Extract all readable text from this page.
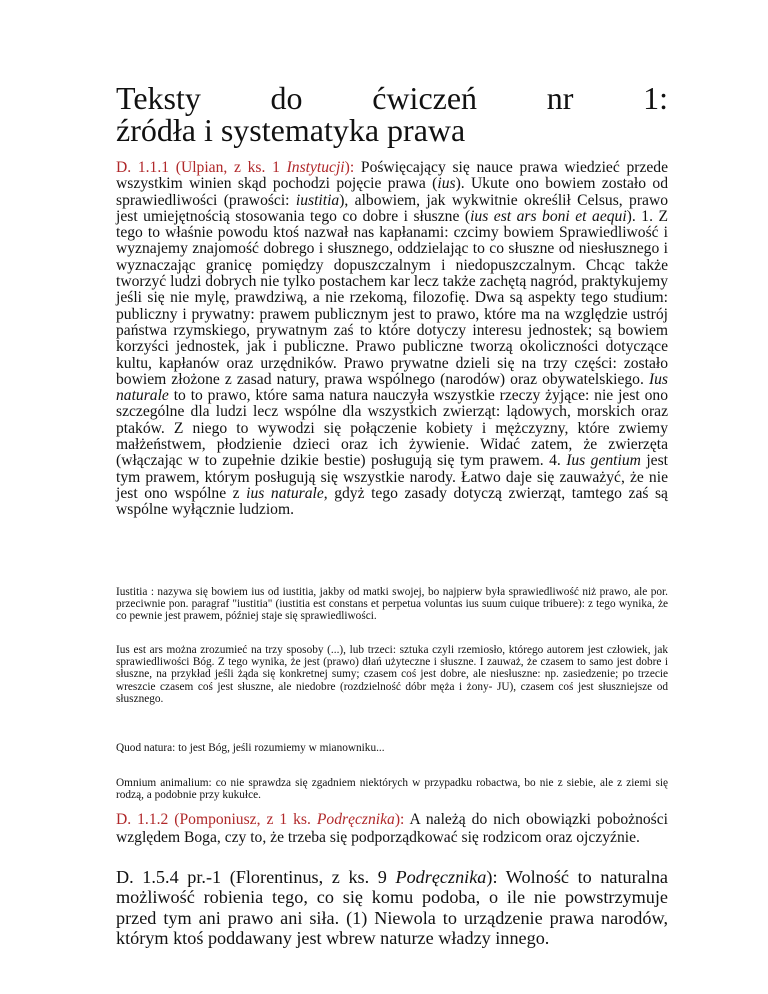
Teksty do ćwiczeń nr 1:
źródła i systematyka prawa

D. 1.1.1 (Ulpian, z ks. 1 Instytucji): Poświęcający się nauce prawa wiedzieć przede wszystkim winien skąd pochodzi pojęcie prawa (ius). Ukute ono bowiem zostało od sprawiedliwości (prawości: iustitia), albowiem, jak wykwitnie określił Celsus, prawo jest umiejętnością stosowania tego co dobre i słuszne (ius est ars boni et aequi). 1. Z tego to właśnie powodu ktoś nazwał nas kapłanami: czcimy bowiem Sprawiedliwość i wyznajemy znajomość dobrego i słusznego, oddzielając to co słuszne od niesłusznego i wyznaczając granicę pomiędzy dopuszczalnym i niedopuszczalnym. Chcąc także tworzyć ludzi dobrych nie tylko postachem kar lecz także zachętą nagród, praktykujemy jeśli się nie mylę, prawdziwą, a nie rzekomą, filozofię. Dwa są aspekty tego studium: publiczny i prywatny: prawem publicznym jest to prawo, które ma na względzie ustrój państwa rzymskiego, prywatnym zaś to które dotyczy interesu jednostek; są bowiem korzyści jednostek, jak i publiczne. Prawo publiczne tworzą okoliczności dotyczące kultu, kapłanów oraz urzędników. Prawo prywatne dzieli się na trzy części: zostało bowiem złożone z zasad natury, prawa wspólnego (narodów) oraz obywatelskiego. Ius naturale to to prawo, które sama natura nauczyła wszystkie rzeczy żyjące: nie jest ono szczególne dla ludzi lecz wspólne dla wszystkich zwierząt: lądowych, morskich oraz ptaków. Z niego to wywodzi się połączenie kobiety i mężczyzny, które zwiemy małżeństwem, płodzienie dzieci oraz ich żywienie. Widać zatem, że zwierzęta (włączając w to zupełnie dzikie bestie) posługują się tym prawem. 4. Ius gentium jest tym prawem, którym posługują się wszystkie narody. Łatwo daje się zauważyć, że nie jest ono wspólne z ius naturale, gdyż tego zasady dotyczą zwierząt, tamtego zaś są wspólne wyłącznie ludziom.

Iustitia : nazywa się bowiem ius od iustitia, jakby od matki swojej, bo najpierw była sprawiedliwość niż prawo, ale por. przeciwnie pon. paragraf "iustitia" (iustitia est constans et perpetua voluntas ius suum cuique tribuere): z tego wynika, że co pewnie jest prawem, później staje się sprawiedliwości.

Ius est ars można zrozumieć na trzy sposoby (...), lub trzeci: sztuka czyli rzemiosło, którego autorem jest człowiek, jak sprawiedliwości Bóg. Z tego wynika, że jest (prawo) dłań użyteczne i słuszne. I zauważ, że czasem to samo jest dobre i słuszne, na przykład jeśli żąda się konkretnej sumy; czasem coś jest dobre, ale niesłuszne: np. zasiedzenie; po trzecie wreszcie czasem coś jest słuszne, ale niedobre (rozdzielność dóbr męża i żony- JU), czasem coś jest słuszniejsze od słusznego.

Quod natura: to jest Bóg, jeśli rozumiemy w mianowniku...

Omnium animalium: co nie sprawdza się zgadniem niektórych w przypadku robactwa, bo nie z siebie, ale z ziemi się rodzą, a podobnie przy kukułce.

D. 1.1.2 (Pomponiusz, z 1 ks. Podręcznika): A należą do nich obowiązki pobożności względem Boga, czy to, że trzeba się podporządkować się rodzicom oraz ojczyźnie.

D. 1.5.4 pr.-1 (Florentinus, z ks. 9 Podręcznika): Wolność to naturalna możliwość robienia tego, co się komu podoba, o ile nie powstrzymuje przed tym ani prawo ani siła. (1) Niewola to urządzenie prawa narodów, którym ktoś poddawany jest wbrew naturze władzy innego.
